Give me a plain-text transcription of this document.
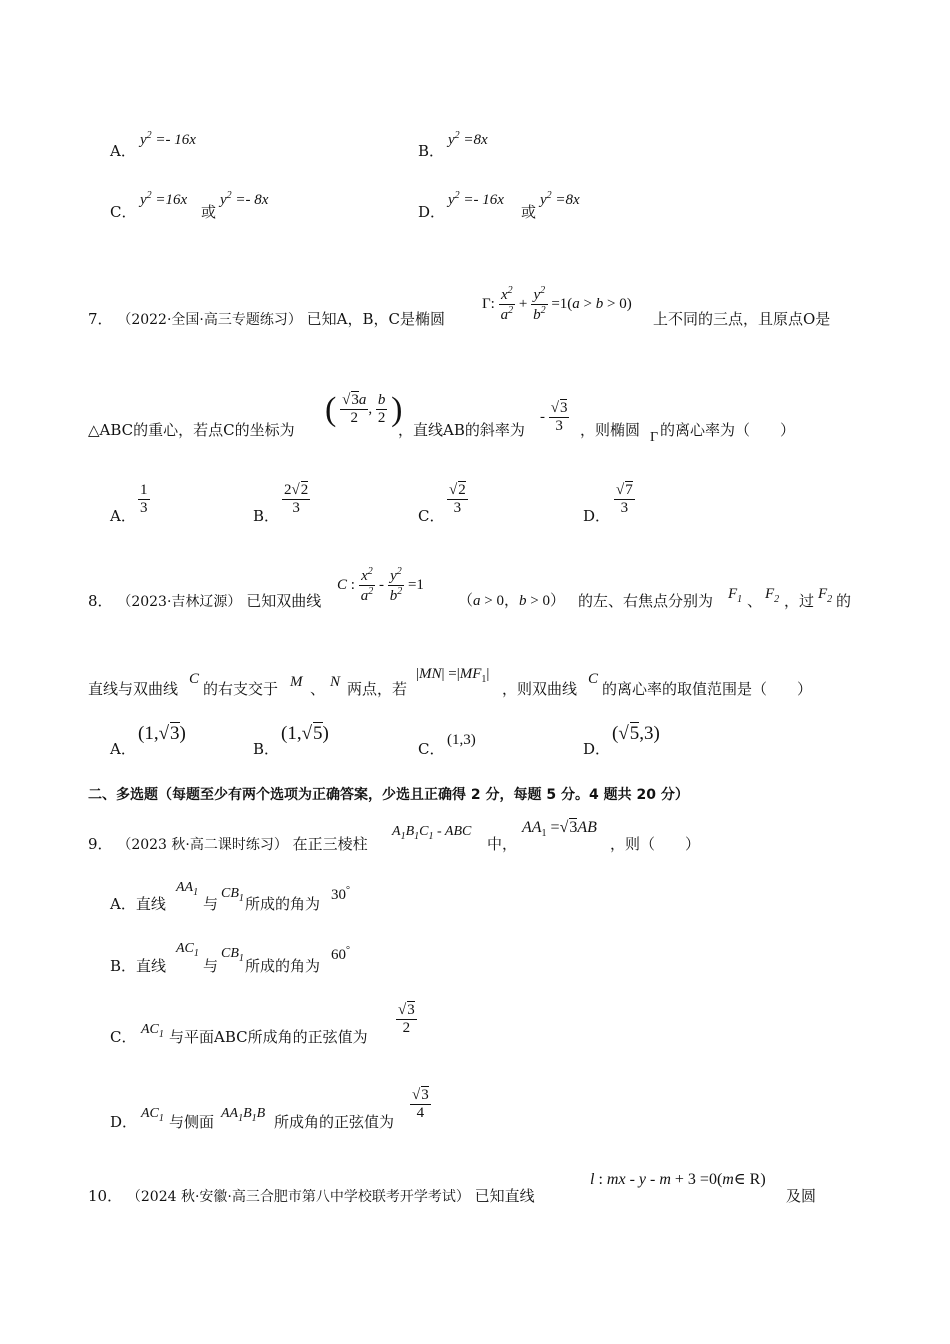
A．
$y^2 =- 16x$
B．
$y^2 =8x$
C．
$y^2 =16x$
或
$y^2 =- 8x$
D．
$y^2 =- 16x$
或
$y^2 =8x$
7． （2022·全国·高三专题练习） 已知A，B，C是椭圆
Γ: $\frac{x^2}{a^2} + \frac{y^2}{b^2} =1(a > b > 0)$
上不同的三点，且原点O是
△ABC的重心，若点C的坐标为
( $\frac{√3a}{2}$ , $\frac{b}{2}$ )
，直线AB的斜率为
- $\frac{√3}{3}$ ，则椭圆 Γ 的离心率为（　　）
A． $\frac{1}{3}$	B． $\frac{2√2}{3}$	C． $\frac{√2}{3}$	D． $\frac{√7}{3}$
8． （2023·吉林辽源） 已知双曲线
C : $\frac{x^2}{a^2} - \frac{y^2}{b^2} =1$
（a > 0，b > 0） 的左、右焦点分别为 $F_1$ 、 $F_2$ ，过 $F_2$ 的
直线与双曲线
C
的右支交于 M 、 N 两点，若
$|MN| =|MF_1|$
，则双曲线
C
的离心率的取值范围是（　　）
A．
(1,√3)
B．
(1,√5)
C． (1,3)	D．
(√5,3)
二、多选题（每题至少有两个选项为正确答案，少选且正确得 2 分，每题 5 分。4 题共 20 分）
9． （2023 秋·高二课时练习） 在正三棱柱
$A_1B_1C_1$ - ABC
中，
$AA_1 =√3AB$
，则（　　）
A．直线
$AA_1$
与
$CB_1$ 所成的角为 30°
B．直线
$AC_1$
与
$CB_1$ 所成的角为
60°
C． $AC_1$ 与平面ABC所成角的正弦值为 $\frac{√3}{2}$
D． $AC_1$ 与侧面 $AA_1B_1B$ 所成角的正弦值为 $\frac{√3}{4}$
10． （2024 秋·安徽·高三合肥市第八中学校联考开学考试） 已知直线
l : mx - y - m + 3 =0(m∈ R)
及圆
